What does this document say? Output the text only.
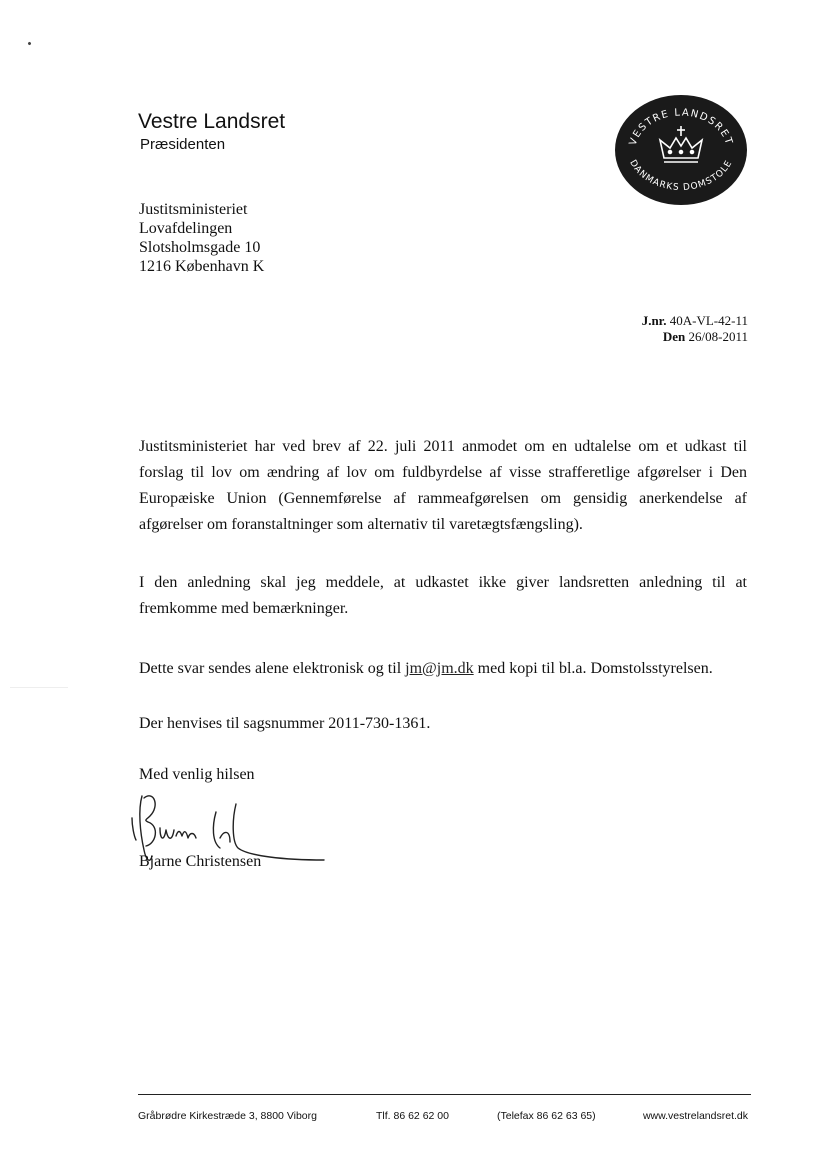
Vestre Landsret
Præsidenten	VESTRE LANDSRET
DANMARKS DOMSTOLE
Justitsministeriet
Lovafdelingen
Slotsholmsgade 10
1216 København K
J.nr. 40A-VL-42-11
Den 26/08-2011
Justitsministeriet har ved brev af 22. juli 2011 anmodet om en udtalelse om et udkast til forslag til lov om ændring af lov om fuldbyrdelse af visse strafferetlige afgørelser i Den Europæiske Union (Gennemførelse af rammeafgørelsen om gensidig anerkendelse af afgørelser om foranstaltninger som alternativ til varetægtsfængsling).
I den anledning skal jeg meddele, at udkastet ikke giver landsretten anledning til at fremkomme med bemærkninger.
Dette svar sendes alene elektronisk og til jm@jm.dk med kopi til bl.a. Domstolsstyrelsen.
Der henvises til sagsnummer 2011-730-1361.
Med venlig hilsen
Bjarne Christensen
Gråbrødre Kirkestræde 3, 8800 Viborg	Tlf. 86 62 62 00	(Telefax 86 62 63 65)	www.vestrelandsret.dk
